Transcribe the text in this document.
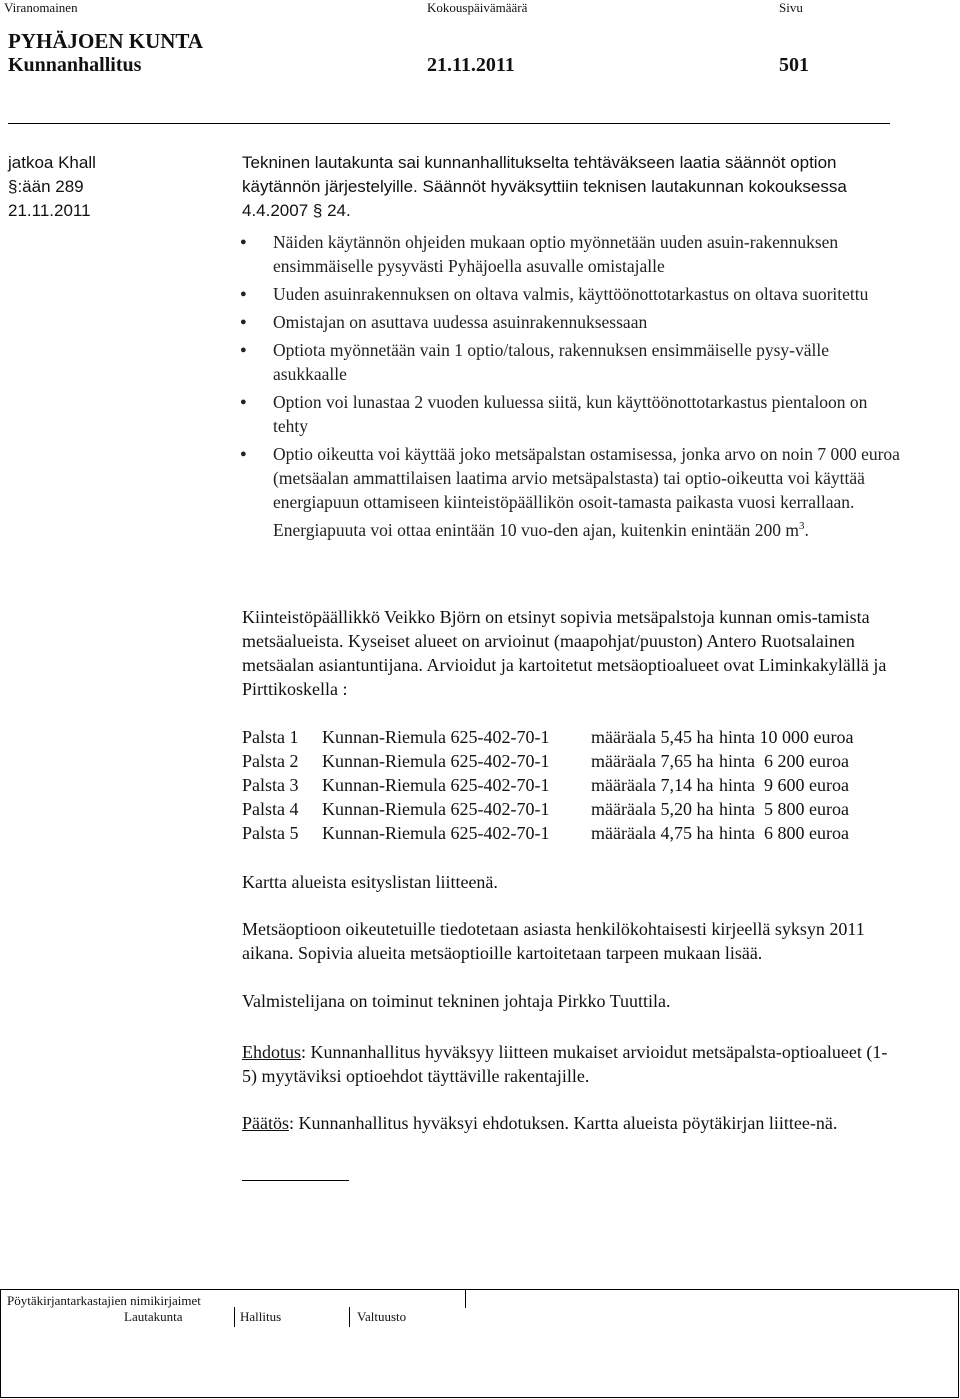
Viranomainen	Kokouspäivämäärä	Sivu
PYHÄJOEN KUNTA
Kunnanhallitus	21.11.2011	501
jatkoa Khall
§:ään 289
21.11.2011
Tekninen lautakunta sai kunnanhallitukselta tehtäväkseen laatia säännöt option
käytännön järjestelyille. Säännöt hyväksyttiin teknisen lautakunnan kokouksessa
4.4.2007 § 24.
● Näiden käytännön ohjeiden mukaan optio myönnetään uuden asuin-rakennuksen ensimmäiselle pysyvästi Pyhäjoella asuvalle omistajalle
● Uuden asuinrakennuksen on oltava valmis, käyttöönottotarkastus on oltava suoritettu
● Omistajan on asuttava uudessa asuinrakennuksessaan
● Optiota myönnetään vain 1 optio/talous, rakennuksen ensimmäiselle pysy-välle asukkaalle
● Option voi lunastaa 2 vuoden kuluessa siitä, kun käyttöönottotarkastus pientaloon on tehty
● Optio oikeutta voi käyttää joko metsäpalstan ostamisessa, jonka arvo on noin 7 000 euroa (metsäalan ammattilaisen laatima arvio metsäpalstasta) tai optio-oikeutta voi käyttää energiapuun ottamiseen kiinteistöpäällikön osoit-tamasta paikasta vuosi kerrallaan. Energiapuuta voi ottaa enintään 10 vuo-den ajan, kuitenkin enintään 200 $m^3$.

Kiinteistöpäällikkö Veikko Björn on etsinyt sopivia metsäpalstoja kunnan omis-tamista metsäalueista. Kyseiset alueet on arvioinut (maapohjat/puuston) Antero Ruotsalainen metsäalan asiantuntijana. Arvioidut ja kartoitetut metsäoptioalueet ovat Liminkakylällä ja Pirttikoskella :

Palsta 1	Kunnan-Riemula 625-402-70-1	määräala 5,45 ha	hinta 10 000 euroa
Palsta 2	Kunnan-Riemula 625-402-70-1	määräala 7,65 ha	hinta  6 200 euroa
Palsta 3	Kunnan-Riemula 625-402-70-1	määräala 7,14 ha	hinta  9 600 euroa
Palsta 4	Kunnan-Riemula 625-402-70-1	määräala 5,20 ha	hinta  5 800 euroa
Palsta 5	Kunnan-Riemula 625-402-70-1	määräala 4,75 ha	hinta  6 800 euroa

Kartta alueista esityslistan liitteenä.

Metsäoptioon oikeutetuille tiedotetaan asiasta henkilökohtaisesti kirjeellä syksyn 2011 aikana. Sopivia alueita metsäoptioille kartoitetaan tarpeen mukaan lisää.

Valmistelijana on toiminut tekninen johtaja Pirkko Tuuttila.

Ehdotus: Kunnanhallitus hyväksyy liitteen mukaiset arvioidut metsäpalsta-optioalueet (1-5) myytäviksi optioehdot täyttäville rakentajille.

Päätös: Kunnanhallitus hyväksyi ehdotuksen. Kartta alueista pöytäkirjan liittee-nä.

Pöytäkirjantarkastajien nimikirjaimet
Lautakunta	Hallitus	Valtuusto
